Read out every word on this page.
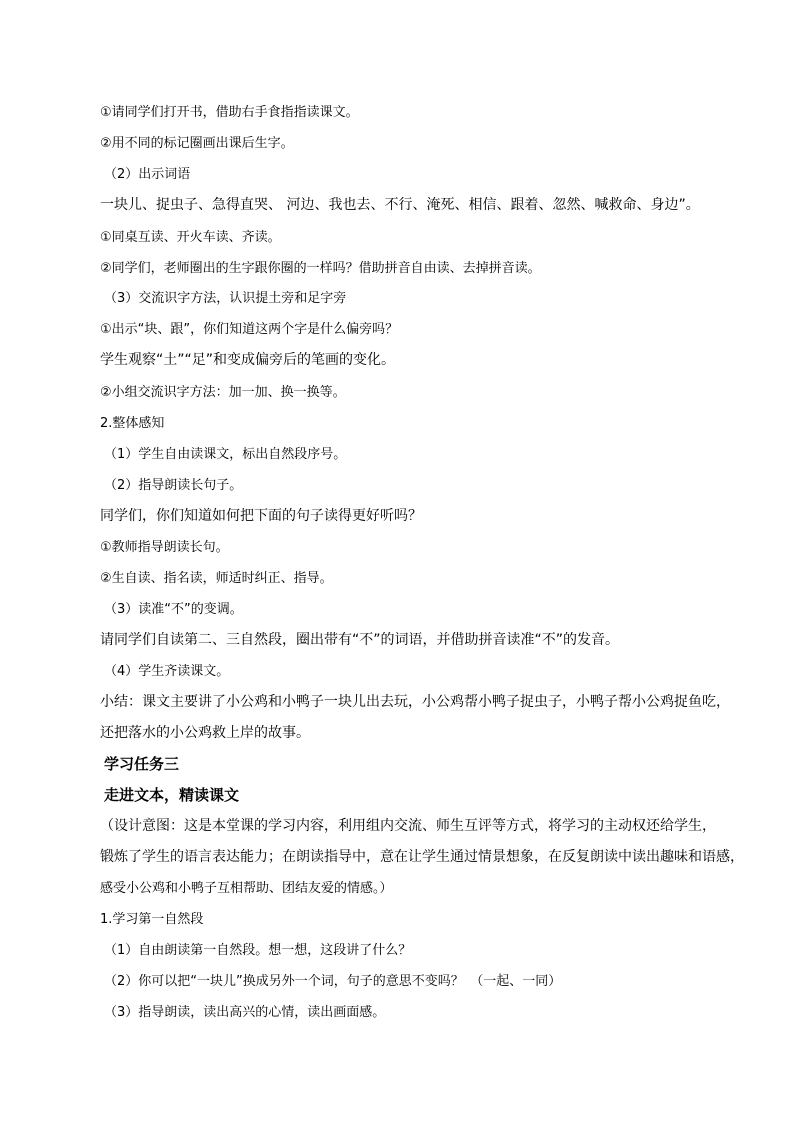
①请同学们打开书，借助右手食指指读课文。
②用不同的标记圈画出课后生字。
（2）出示词语
一块儿、捉虫子、急得直哭、 河边、我也去、不行、淹死、相信、跟着、忽然、喊救命、身边”。
①同桌互读、开火车读、齐读。
②同学们，老师圈出的生字跟你圈的一样吗？借助拼音自由读、去掉拼音读。
（3）交流识字方法，认识提土旁和足字旁
①出示“块、跟”，你们知道这两个字是什么偏旁吗？
学生观察“土”“足”和变成偏旁后的笔画的变化。
②小组交流识字方法：加一加、换一换等。
2.整体感知
（1）学生自由读课文，标出自然段序号。
（2）指导朗读长句子。
同学们，你们知道如何把下面的句子读得更好听吗？
①教师指导朗读长句。
②生自读、指名读，师适时纠正、指导。
（3）读准“不”的变调。
请同学们自读第二、三自然段，圈出带有“不”的词语，并借助拼音读准“不”的发音。
（4）学生齐读课文。
小结：课文主要讲了小公鸡和小鸭子一块儿出去玩，小公鸡帮小鸭子捉虫子，小鸭子帮小公鸡捉鱼吃，
还把落水的小公鸡救上岸的故事。
学习任务三
走进文本，精读课文
（设计意图：这是本堂课的学习内容，利用组内交流、师生互评等方式，将学习的主动权还给学生，
锻炼了学生的语言表达能力；在朗读指导中，意在让学生通过情景想象，在反复朗读中读出趣味和语感，
感受小公鸡和小鸭子互相帮助、团结友爱的情感。）
1.学习第一自然段
（1）自由朗读第一自然段。想一想，这段讲了什么？
（2）你可以把“一块儿”换成另外一个词，句子的意思不变吗？　（一起、一同）
（3）指导朗读，读出高兴的心情，读出画面感。
